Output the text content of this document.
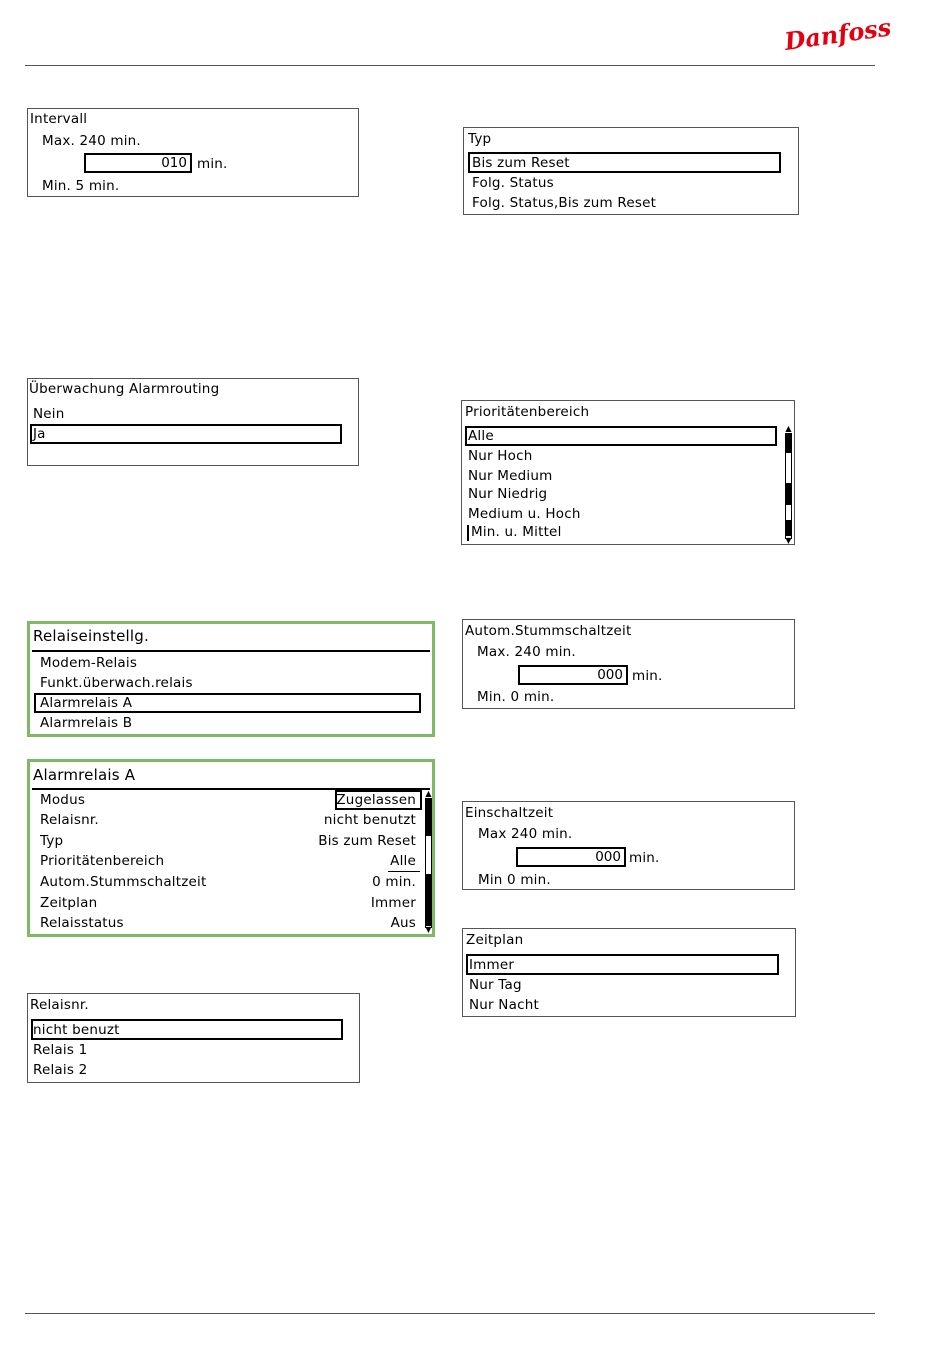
Danfoss
Intervall
Max. 240 min.
010 min.
Min. 5 min.
Typ
Bis zum Reset
Folg. Status
Folg. Status,Bis zum Reset
Überwachung Alarmrouting
Nein
Ja
Prioritätenbereich
Alle
Nur Hoch
Nur Medium
Nur Niedrig
Medium u. Hoch
Min. u. Mittel
▲
▼
Relaiseinstellg.
Modem-Relais
Funkt.überwach.relais
Alarmrelais A
Alarmrelais B
Autom.Stummschaltzeit
Max. 240 min.
000 min.
Min. 0 min.
Alarmrelais A
Modus	Zugelassen
Relaisnr.	nicht benutzt
Typ	Bis zum Reset
Prioritätenbereich	Alle
Autom.Stummschaltzeit	0 min.
Zeitplan	Immer
Relaisstatus	Aus
▲
▼
Einschaltzeit
Max 240 min.
000 min.
Min 0 min.
Zeitplan
Immer
Nur Tag
Nur Nacht
Relaisnr.
nicht benuzt
Relais 1
Relais 2
